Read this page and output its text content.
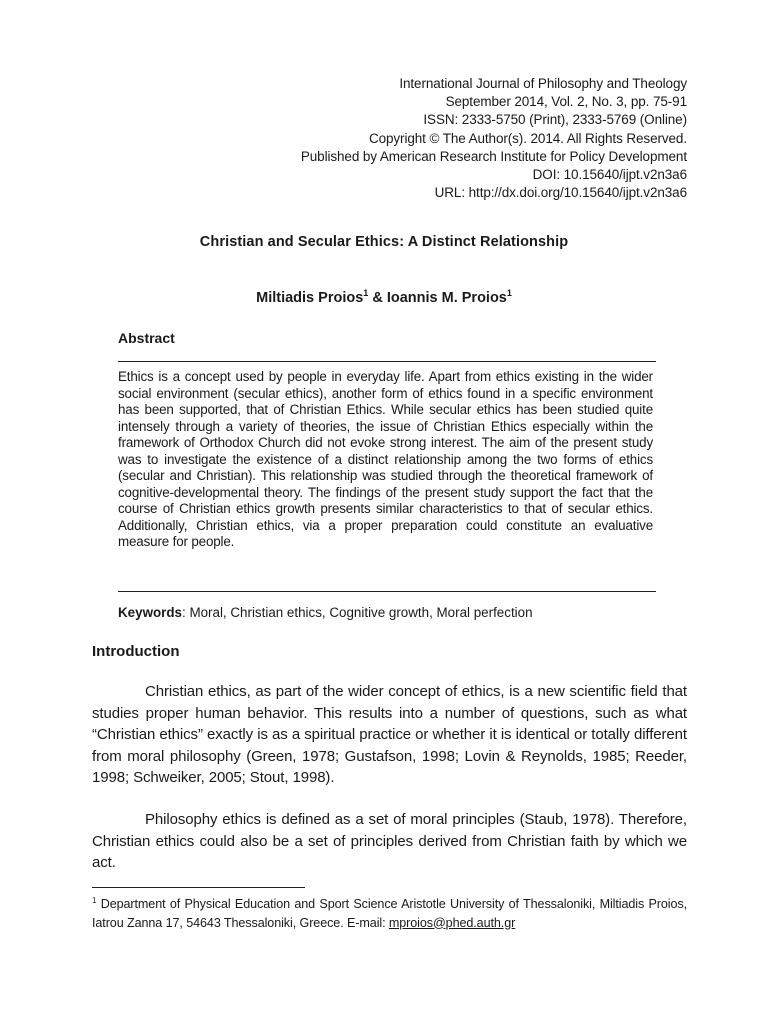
International Journal of Philosophy and Theology
September 2014, Vol. 2, No. 3, pp. 75-91
ISSN: 2333-5750 (Print), 2333-5769 (Online)
Copyright © The Author(s). 2014. All Rights Reserved.
Published by American Research Institute for Policy Development
DOI: 10.15640/ijpt.v2n3a6
URL: http://dx.doi.org/10.15640/ijpt.v2n3a6
Christian and Secular Ethics: A Distinct Relationship
Miltiadis Proios$^1$ & Ioannis M. Proios$^1$
Abstract
Ethics is a concept used by people in everyday life. Apart from ethics existing in the wider social environment (secular ethics), another form of ethics found in a specific environment has been supported, that of Christian Ethics. While secular ethics has been studied quite intensely through a variety of theories, the issue of Christian Ethics especially within the framework of Orthodox Church did not evoke strong interest. The aim of the present study was to investigate the existence of a distinct relationship among the two forms of ethics (secular and Christian). This relationship was studied through the theoretical framework of cognitive-developmental theory. The findings of the present study support the fact that the course of Christian ethics growth presents similar characteristics to that of secular ethics. Additionally, Christian ethics, via a proper preparation could constitute an evaluative measure for people.
Keywords: Moral, Christian ethics, Cognitive growth, Moral perfection
Introduction
Christian ethics, as part of the wider concept of ethics, is a new scientific field that studies proper human behavior. This results into a number of questions, such as what “Christian ethics” exactly is as a spiritual practice or whether it is identical or totally different from moral philosophy (Green, 1978; Gustafson, 1998; Lovin & Reynolds, 1985; Reeder, 1998; Schweiker, 2005; Stout, 1998).
Philosophy ethics is defined as a set of moral principles (Staub, 1978). Therefore, Christian ethics could also be a set of principles derived from Christian faith by which we act.
$^1$ Department of Physical Education and Sport Science Aristotle University of Thessaloniki, Miltiadis Proios, Iatrou Zanna 17, 54643 Thessaloniki, Greece. E-mail: mproios@phed.auth.gr
